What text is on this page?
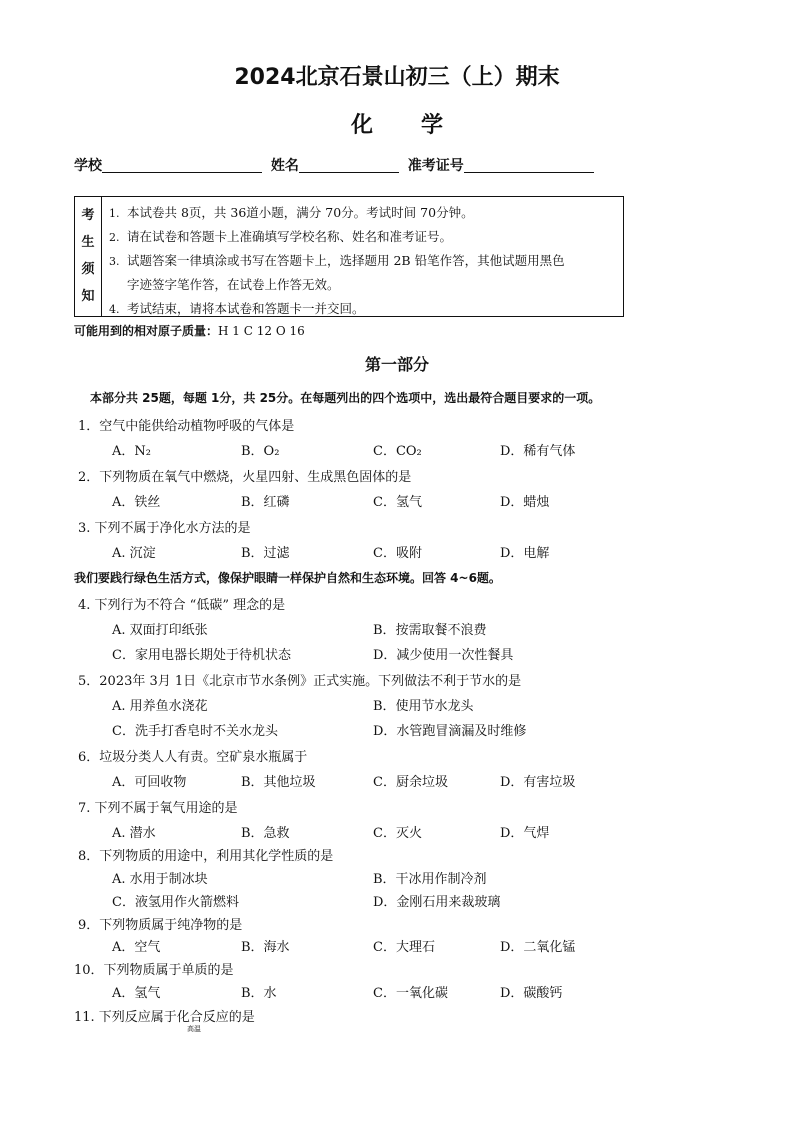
2024北京石景山初三（上）期末
化 学
学校	姓名	准考证号
考
生
须
知
1. 本试卷共 8页，共 36道小题，满分 70分。考试时间 70分钟。
2. 请在试卷和答题卡上准确填写学校名称、姓名和准考证号。
3. 试题答案一律填涂或书写在答题卡上，选择题用 2B 铅笔作答，其他试题用黑色
字迹签字笔作答，在试卷上作答无效。
4. 考试结束，请将本试卷和答题卡一并交回。
可能用到的相对原子质量：H 1 C 12 O 16
第一部分
本部分共 25题，每题 1分，共 25分。在每题列出的四个选项中，选出最符合题目要求的一项。
1．空气中能供给动植物呼吸的气体是
A．N₂	B．O₂	C．CO₂	D．稀有气体
2．下列物质在氧气中燃烧，火星四射、生成黑色固体的是
A．铁丝	B．红磷	C．氢气	D．蜡烛
3. 下列不属于净化水方法的是
A. 沉淀	B．过滤	C．吸附	D．电解
我们要践行绿色生活方式，像保护眼睛一样保护自然和生态环境。回答 4~6题。
4. 下列行为不符合 “低碳” 理念的是
A. 双面打印纸张	B．按需取餐不浪费
C．家用电器长期处于待机状态	D．减少使用一次性餐具
5．2023年 3月 1日《北京市节水条例》正式实施。下列做法不利于节水的是
A. 用养鱼水浇花	B．使用节水龙头
C．洗手打香皂时不关水龙头	D．水管跑冒滴漏及时维修
6．垃圾分类人人有责。空矿泉水瓶属于
A．可回收物	B．其他垃圾	C．厨余垃圾	D．有害垃圾
7. 下列不属于氧气用途的是
A. 潜水	B．急救	C．灭火	D．气焊
8．下列物质的用途中，利用其化学性质的是
A. 水用于制冰块	B．干冰用作制冷剂
C．液氢用作火箭燃料	D．金刚石用来裁玻璃
9．下列物质属于纯净物的是
A．空气	B．海水	C．大理石	D．二氧化锰
10．下列物质属于单质的是
A．氢气	B．水	C．一氧化碳	D．碳酸钙
11. 下列反应属于化合反应的是
高温
